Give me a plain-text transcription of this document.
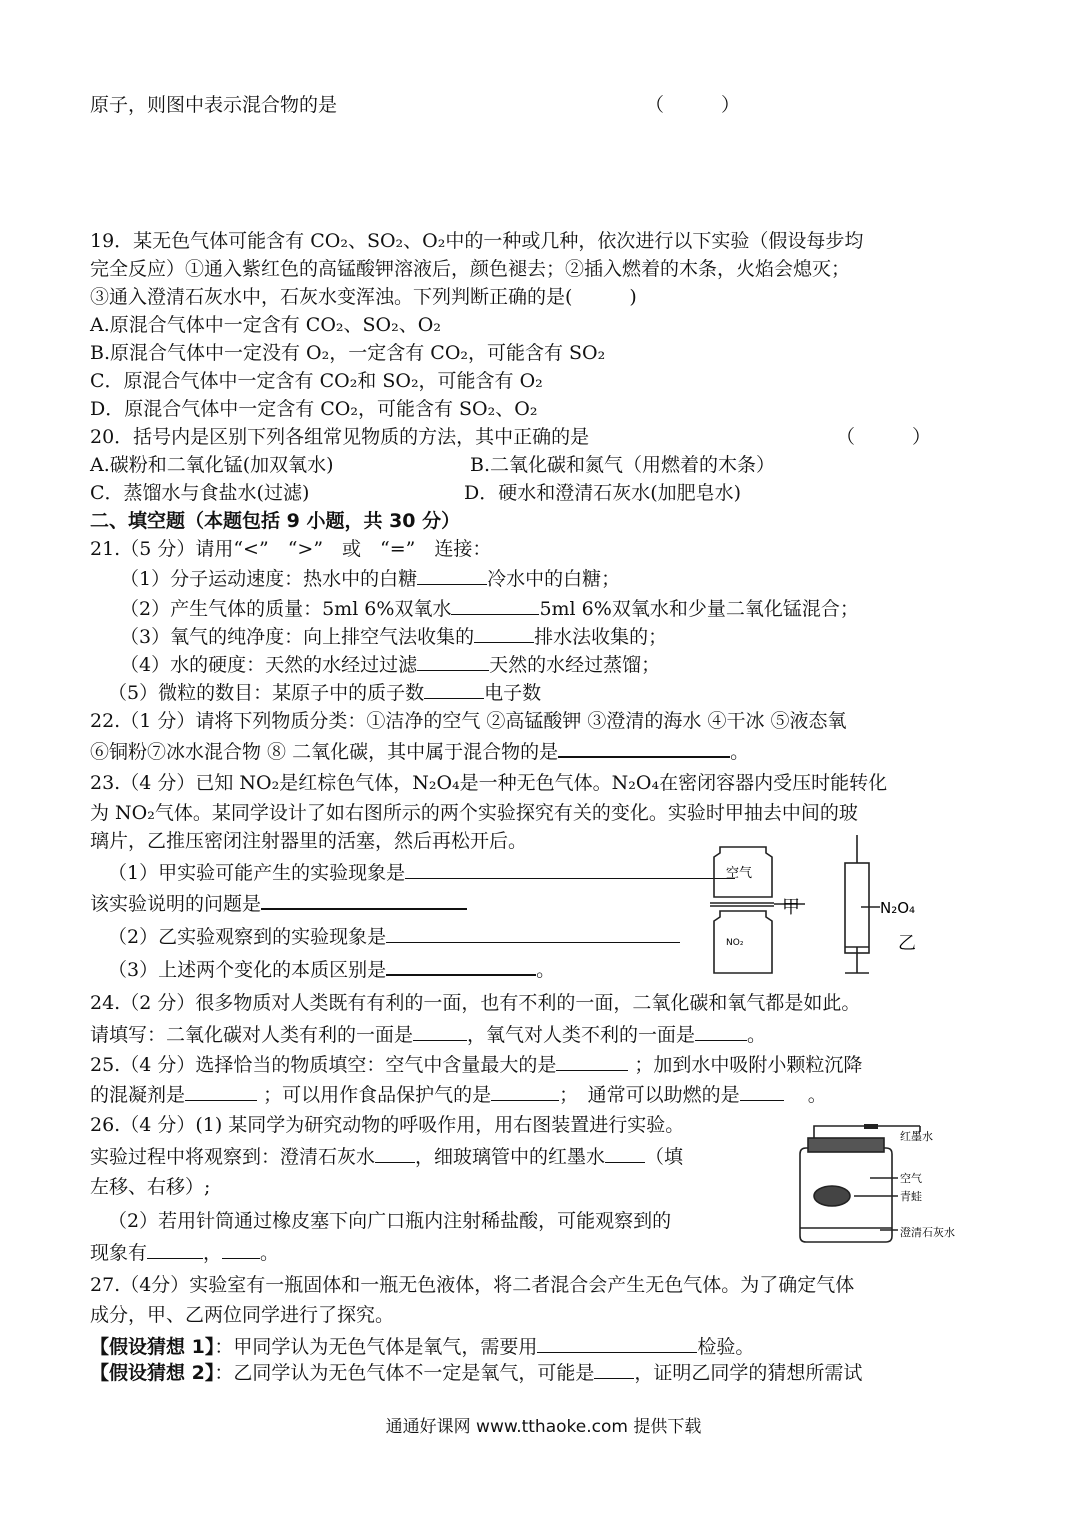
原子，则图中表示混合物的是	（　　　）
19．某无色气体可能含有 CO₂、SO₂、O₂中的一种或几种，依次进行以下实验（假设每步均
完全反应）①通入紫红色的高锰酸钾溶液后，颜色褪去；②插入燃着的木条，火焰会熄灭；
③通入澄清石灰水中，石灰水变浑浊。下列判断正确的是(　　　)
A.原混合气体中一定含有 CO₂、SO₂、O₂
B.原混合气体中一定没有 O₂，一定含有 CO₂，可能含有 SO₂
C．原混合气体中一定含有 CO₂和 SO₂，可能含有 O₂
D．原混合气体中一定含有 CO₂，可能含有 SO₂、O₂
20．括号内是区别下列各组常见物质的方法，其中正确的是	（　　　）
A.碳粉和二氧化锰(加双氧水)	B.二氧化碳和氮气（用燃着的木条）
C．蒸馏水与食盐水(过滤)	D．硬水和澄清石灰水(加肥皂水)
二、填空题（本题包括 9 小题，共 30 分）
21.（5 分）请用“<”　“>”　或　“=”　连接：
（1）分子运动速度：热水中的白糖	冷水中的白糖；
（2）产生气体的质量：5ml 6%双氧水	5ml 6%双氧水和少量二氧化锰混合；
（3）氧气的纯净度：向上排空气法收集的	排水法收集的；
（4）水的硬度：天然的水经过过滤	天然的水经过蒸馏；
（5）微粒的数目：某原子中的质子数	电子数
22.（1 分）请将下列物质分类：①洁净的空气 ②高锰酸钾 ③澄清的海水 ④干冰 ⑤液态氧
⑥铜粉⑦冰水混合物 ⑧ 二氧化碳，其中属于混合物的是	。
23.（4 分）已知 NO₂是红棕色气体，N₂O₄是一种无色气体。N₂O₄在密闭容器内受压时能转化
为 NO₂气体。某同学设计了如右图所示的两个实验探究有关的变化。实验时甲抽去中间的玻
璃片，乙推压密闭注射器里的活塞，然后再松开后。
（1）甲实验可能产生的实验现象是
该实验说明的问题是
（2）乙实验观察到的实验现象是
（3）上述两个变化的本质区别是	。
空气
NO₂
甲	N₂O₄
乙
24.（2 分）很多物质对人类既有有利的一面，也有不利的一面，二氧化碳和氧气都是如此。
请填写：二氧化碳对人类有利的一面是	，氧气对人类不利的一面是	。
25.（4 分）选择恰当的物质填空：空气中含量最大的是	；加到水中吸附小颗粒沉降
的混凝剂是	；可以用作食品保护气的是	；　通常可以助燃的是	。
26.（4 分）(1) 某同学为研究动物的呼吸作用，用右图装置进行实验。
实验过程中将观察到：澄清石灰水 ，细玻璃管中的红墨水 （填
左移、右移）;
（2）若用针筒通过橡皮塞下向广口瓶内注射稀盐酸，可能观察到的
现象有	， 。
红墨水
空气
青蛙
澄清石灰水
27.（4分）实验室有一瓶固体和一瓶无色液体，将二者混合会产生无色气体。为了确定气体
成分，甲、乙两位同学进行了探究。
【假设猜想 1】：甲同学认为无色气体是氧气，需要用	检验。
【假设猜想 2】：乙同学认为无色气体不一定是氧气，可能是 ，证明乙同学的猜想所需试
通通好课网 www.tthaoke.com 提供下载
